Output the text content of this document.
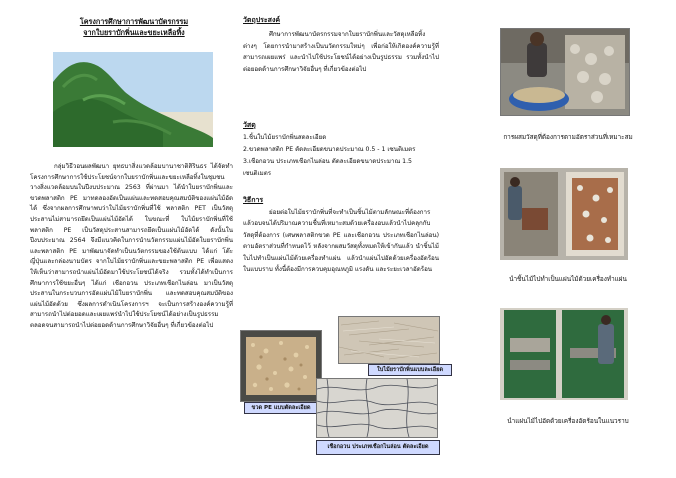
โครงการศึกษาการพัฒนาบัตรกรรม
จากใบยราบักพิ่นและขยะเหลือทิ้ง
กลุ่มวิธีวอนผลพัฒนา ยุทธบาสิ่งแวดล้อมบานาชาติสิรินธร ได้จัดทำโครงการศึกษาการใช้ประโยชน์จากใบยราบักพิ่นและขยะเหลือทิ้งในชุมชนวางสิ่งแวดล้อมบนในปีงบประมาณ 2563 ที่ผ่านมา ได้นำใบยราบักพิ่นและขวดพลาสติก PE มาทดลองอัดเป็นแผ่นและทดสอบคุณสมบัติของแผ่นไม้อัดได้ ซึ่งจากผลการศึกษาพบว่าใบไม้ยราบักพิ่นที่ใช้ พลาสติก PET เป็นวัสดุประสานไม่สามารถยึดเป็นแผ่นไม้อัดได้ ในขณะที่ ใบไม้ยราบักพิ่นที่ใช้ พลาสติก PE เป็นวัสดุประสานสามารถยึดเป็นแผ่นไม้อัดได้ ดังนั้นในปีงบประมาณ 2564 จึงมีแนวคิดในการนำนวัตกรรมแผ่นไม้อัดใบยราบักพิ่นและพลาสติก PE มาพัฒนาจัดทำเป็นนวัตกรรมของใช้ต้นแบบ ได้แก่ โต๊ะญี่ปุ่นและกล่องนามบัตร จากใบไม้ยราบักพิ่นและขยะพลาสติก PE เพื่อแสดงให้เห็นว่าสามารถนำแผ่นไม้อัดมาใช้ประโยชน์ได้จริง รวมทั้งได้ทำเป็นการศึกษาการใช้ขยะอื่นๆ ได้แก่ เชือกอวน ประเภทเชือกไนล่อน มาเป็นวัสดุประสานในกระบวนการอัดแผ่นไม้ใบยราบักพิ่น และทดสอบคุณสมบัติของแผ่นไม้อัดด้วย ซึ่งผลการดำเนินโครงการฯ จะเป็นการสร้างองค์ความรู้ที่สามารถนำไปต่อยอดและเผยแพร่นำไปใช้ประโยชน์ได้อย่างเป็นรูปธรรม ตลอดจนสามารถนำไปต่อยอดด้านการศึกษาวิจัยอื่นๆ ที่เกี่ยวข้องต่อไป
วัตถุประสงค์
ศึกษาการพัฒนาบัตรกรรมจากใบยราบักพิ่นและวัสดุเหลือทิ้งต่างๆ โดยการนำมาสร้างเป็นนวัตกรรมใหม่ๆ เพื่อก่อให้เกิดองค์ความรู้ที่สามารถเผยแพร่ และนำไปใช้ประโยชน์ได้อย่างเป็นรูปธรรม รวมทั้งนำไปต่อยอดด้านการศึกษาวิจัยอื่นๆ ที่เกี่ยวข้องต่อไป
วัสดุ
1.ชิ้นใบไม้ยราบักพิ่นสดละเอียด
2.ขวดพลาสติก PE ตัดละเอียดขนาดประมาณ 0.5 - 1 เซนติเมตร
3.เชือกอวน ประเภทเชือกไนล่อน ตัดละเอียดขนาดประมาณ 1.5 เซนติเมตร
วิธีการ
ย่อยต่อใบไม้ยราบักพิ่นที่จะทำเป็นชิ้นไม้ตามลักษณะที่ต้องการ แล้วอบจนได้ปริมาณความชื้นที่เหมาะสมด้วยเครื่องอบแล้วนำไปคลุกกับวัสดุที่ต้องการ (เศษพลาสติกขวด PE และเชือกอวน ประเภทเชือกไนล่อน) ตามอัตราส่วนที่กำหนดไว้ หลังจากผสมวัสดุทั้งหมดให้เข้ากันแล้ว นำชิ้นไม้ใบไปทำเป็นแผ่นไม้ด้วยเครื่องทำแผ่น แล้วนำแผ่นไปอัดด้วยเครื่องอัดร้อนในแบบราบ ทั้งนี้ต้องมีการควบคุมอุณหภูมิ แรงดัน และระยะเวลาอัดร้อน
ใบไม้ยราบักพิ่นแบบละเอียด
ขวด PE แบบตัดละเอียด
เชือกอวน ประเภทเชือกไนล่อน ตัดละเอียด
การผสมวัสดุที่ต้องการตามอัตราส่วนที่เหมาะสม
นำชิ้นไม้ไปทำเป็นแผ่นไม้ด้วยเครื่องทำแผ่น
นำแผ่นไม้ไปอัดด้วยเครื่องอัดร้อนในแนวราบ
